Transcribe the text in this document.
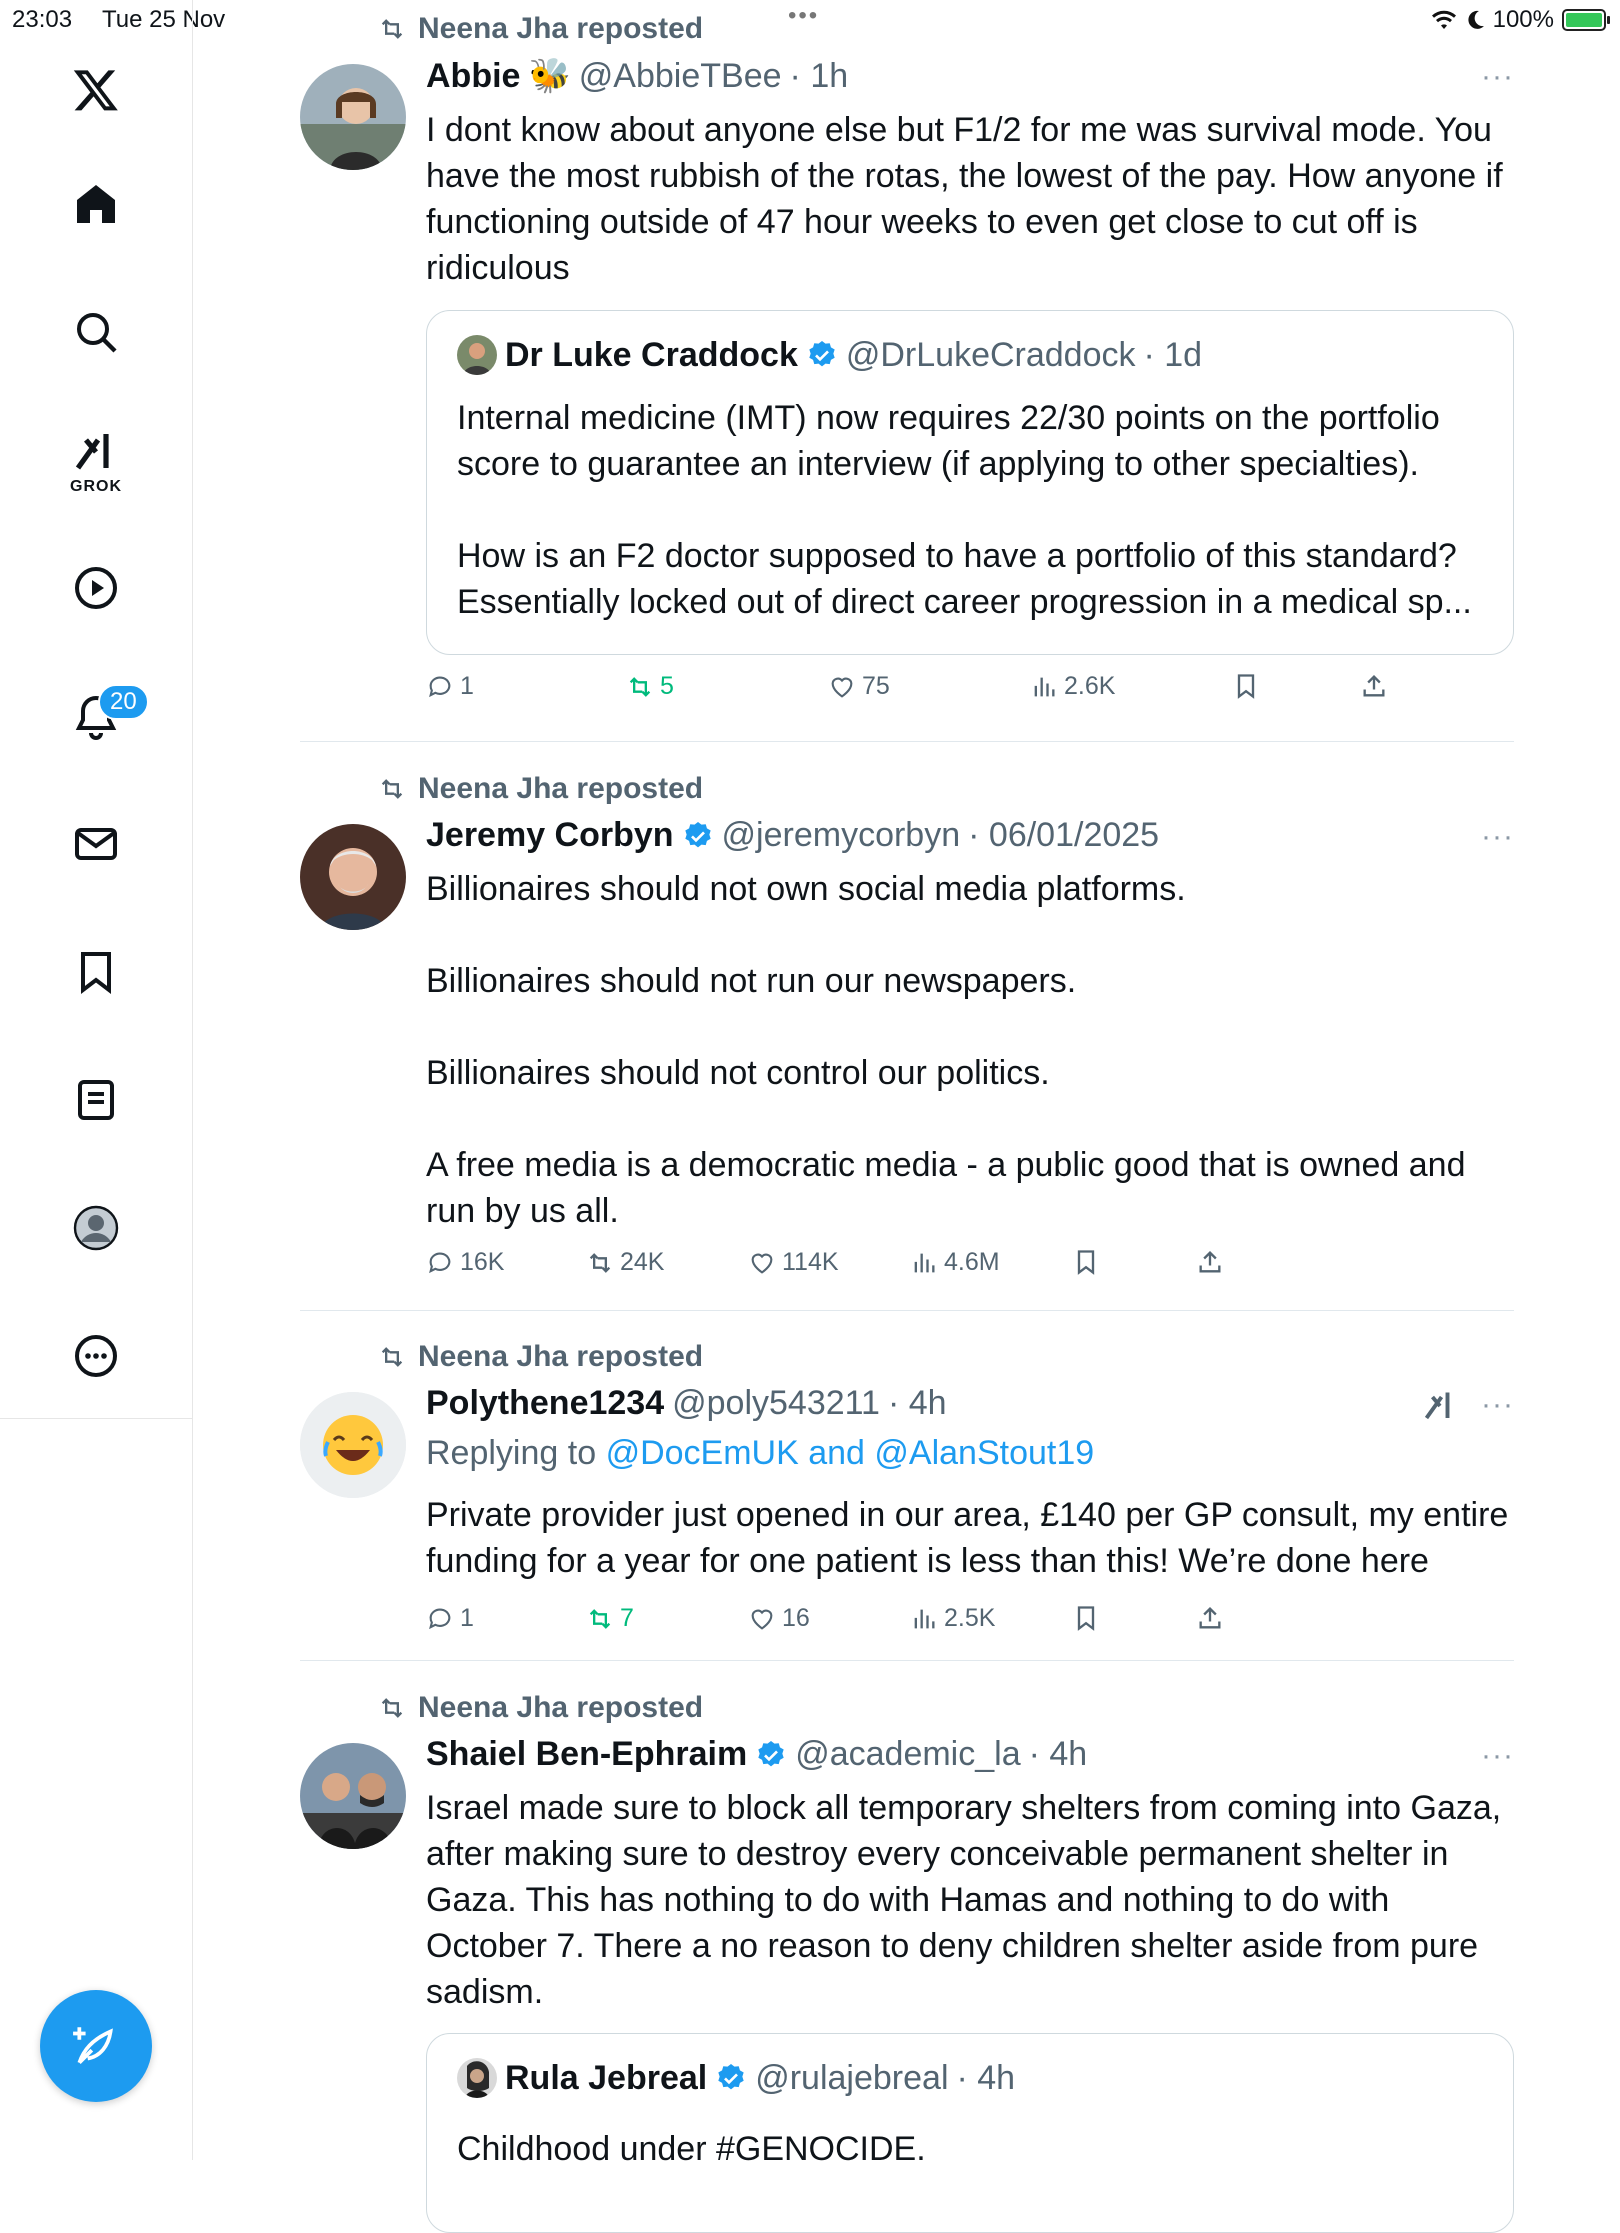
23:03 Tue 25 Nov	•••	100%
GROK
20
Neena Jha reposted
Abbie 🐝 @AbbieTBee · 1h	···
I dont know about anyone else but F1/2 for me was survival mode. You have the most rubbish of the rotas, the lowest of the pay. How anyone if functioning outside of 47 hour weeks to even get close to cut off is ridiculous
Dr Luke Craddock @DrLukeCraddock · 1d
Internal medicine (IMT) now requires 22/30 points on the portfolio score to guarantee an interview (if applying to other specialties).

How is an F2 doctor supposed to have a portfolio of this standard? Essentially locked out of direct career progression in a medical sp...
1	5	75	2.6K
Neena Jha reposted
Jeremy Corbyn @jeremycorbyn · 06/01/2025	···
Billionaires should not own social media platforms.

Billionaires should not run our newspapers.

Billionaires should not control our politics.

A free media is a democratic media - a public good that is owned and run by us all.
16K	24K	114K	4.6M
Neena Jha reposted
Polythene1234 @poly543211 · 4h	···
Replying to @DocEmUK and @AlanStout19
Private provider just opened in our area, £140 per GP consult, my entire funding for a year for one patient is less than this! We’re done here
1	7	16	2.5K
Neena Jha reposted
Shaiel Ben-Ephraim @academic_la · 4h	···
Israel made sure to block all temporary shelters from coming into Gaza, after making sure to destroy every conceivable permanent shelter in Gaza. This has nothing to do with Hamas and nothing to do with October 7. There a no reason to deny children shelter aside from pure sadism.
Rula Jebreal @rulajebreal · 4h
Childhood under #GENOCIDE.
